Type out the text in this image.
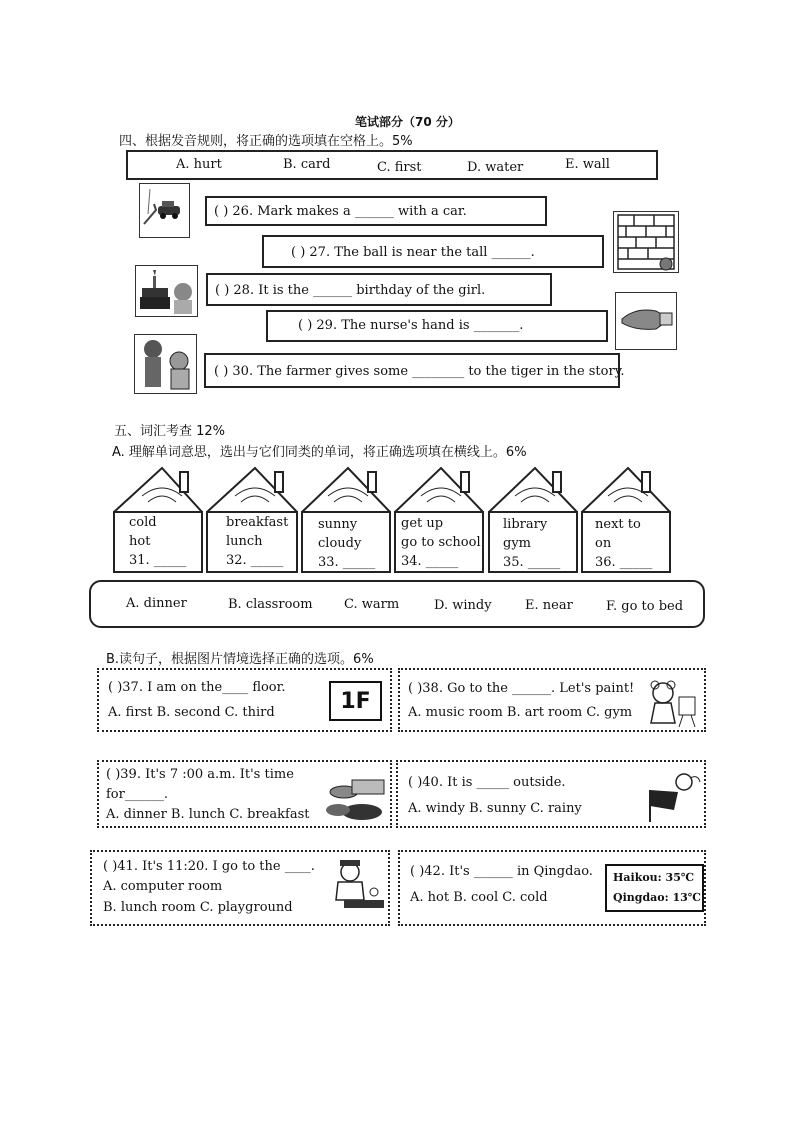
笔试部分（70 分）
四、根据发音规则，将正确的选项填在空格上。5%
A. hurt	B. card	C. first	D. water	E. wall
( ) 26. Mark makes a ______ with a car.
( ) 27. The ball is near the tall ______.
( ) 28. It is the ______ birthday of the girl.
( ) 29. The nurse's hand is _______.
( ) 30. The farmer gives some ________ to the tiger in the story.
五、词汇考查 12%
A. 理解单词意思，选出与它们同类的单词，将正确选项填在横线上。6%
cold
hot
31. _____
breakfast
lunch
32. _____
sunny
cloudy
33. _____
get up
go to school
34. _____
library
gym
35. _____
next to
on
36. _____
A. dinner	B. classroom C. warm	D. windy	E. near	F. go to bed
B.读句子，根据图片情境选择正确的选项。6%
( )37. I am on the____ floor.
A. first B. second C. third	1F	( )38. Go to the ______. Let's paint!
A. music room B. art room C. gym
( )39. It's 7 :00 a.m. It's time
for______.
A. dinner B. lunch C. breakfast
( )40. It is _____ outside.
A. windy B. sunny C. rainy
( )41. It's 11:20. I go to the ____.
A. computer room
B. lunch room C. playground
( )42. It's ______ in Qingdao.
A. hot B. cool C. cold
Haikou: 35℃
Qingdao: 13℃
